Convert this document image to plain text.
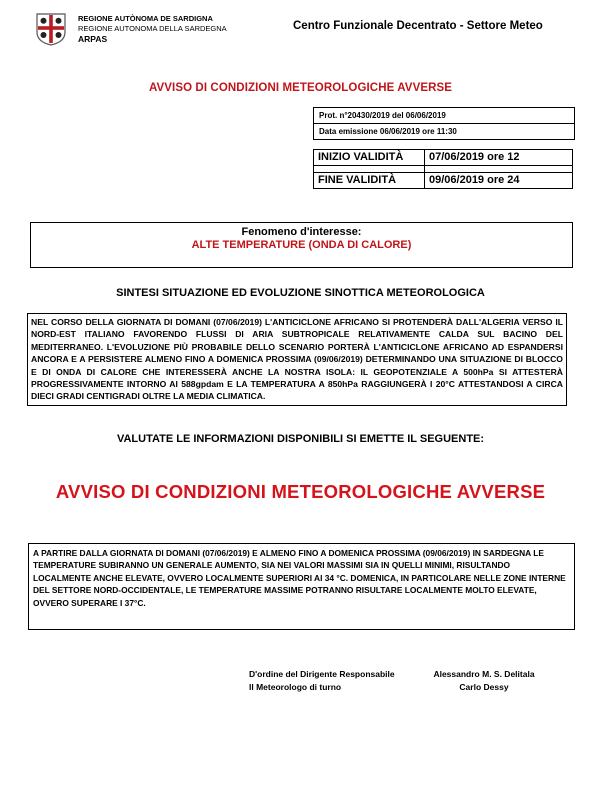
REGIONE AUTÒNOMA DE SARDIGNA
REGIONE AUTONOMA DELLA SARDEGNA
ARPAS
Centro Funzionale Decentrato - Settore Meteo
AVVISO DI CONDIZIONI METEOROLOGICHE AVVERSE
Prot. n°20430/2019 del 06/06/2019
Data emissione 06/06/2019 ore 11:30
INIZIO VALIDITÀ	07/06/2019 ore 12

FINE VALIDITÀ	09/06/2019 ore 24
Fenomeno d'interesse:
ALTE TEMPERATURE (ONDA DI CALORE)
SINTESI SITUAZIONE ED EVOLUZIONE SINOTTICA METEOROLOGICA
NEL CORSO DELLA GIORNATA DI DOMANI (07/06/2019) L'ANTICICLONE AFRICANO SI PROTENDERÀ DALL'ALGERIA VERSO IL NORD-EST ITALIANO FAVORENDO FLUSSI DI ARIA SUBTROPICALE RELATIVAMENTE CALDA SUL BACINO DEL MEDITERRANEO. L'EVOLUZIONE PIÙ PROBABILE DELLO SCENARIO PORTERÀ L'ANTICICLONE AFRICANO AD ESPANDERSI ANCORA E A PERSISTERE ALMENO FINO A DOMENICA PROSSIMA (09/06/2019) DETERMINANDO UNA SITUAZIONE DI BLOCCO E DI ONDA DI CALORE CHE INTERESSERÀ ANCHE LA NOSTRA ISOLA: IL GEOPOTENZIALE A 500hPa SI ATTESTERÀ PROGRESSIVAMENTE INTORNO AI 588gpdam E LA TEMPERATURA A 850hPa RAGGIUNGERÀ I 20°C ATTESTANDOSI A CIRCA DIECI GRADI CENTIGRADI OLTRE LA MEDIA CLIMATICA.
VALUTATE LE INFORMAZIONI DISPONIBILI SI EMETTE IL SEGUENTE:
AVVISO DI CONDIZIONI METEOROLOGICHE AVVERSE
A PARTIRE DALLA GIORNATA DI DOMANI (07/06/2019) E ALMENO FINO A DOMENICA PROSSIMA (09/06/2019) IN SARDEGNA LE TEMPERATURE SUBIRANNO UN GENERALE AUMENTO, SIA NEI VALORI MASSIMI SIA IN QUELLI MINIMI, RISULTANDO LOCALMENTE ANCHE ELEVATE, OVVERO LOCALMENTE SUPERIORI AI 34 °C. DOMENICA, IN PARTICOLARE NELLE ZONE INTERNE DEL SETTORE NORD-OCCIDENTALE, LE TEMPERATURE MASSIME POTRANNO RISULTARE LOCALMENTE MOLTO ELEVATE, OVVERO SUPERARE I 37°C.
D'ordine del Dirigente Responsabile
Il Meteorologo di turno
Alessandro M. S. Delitala
Carlo Dessy
